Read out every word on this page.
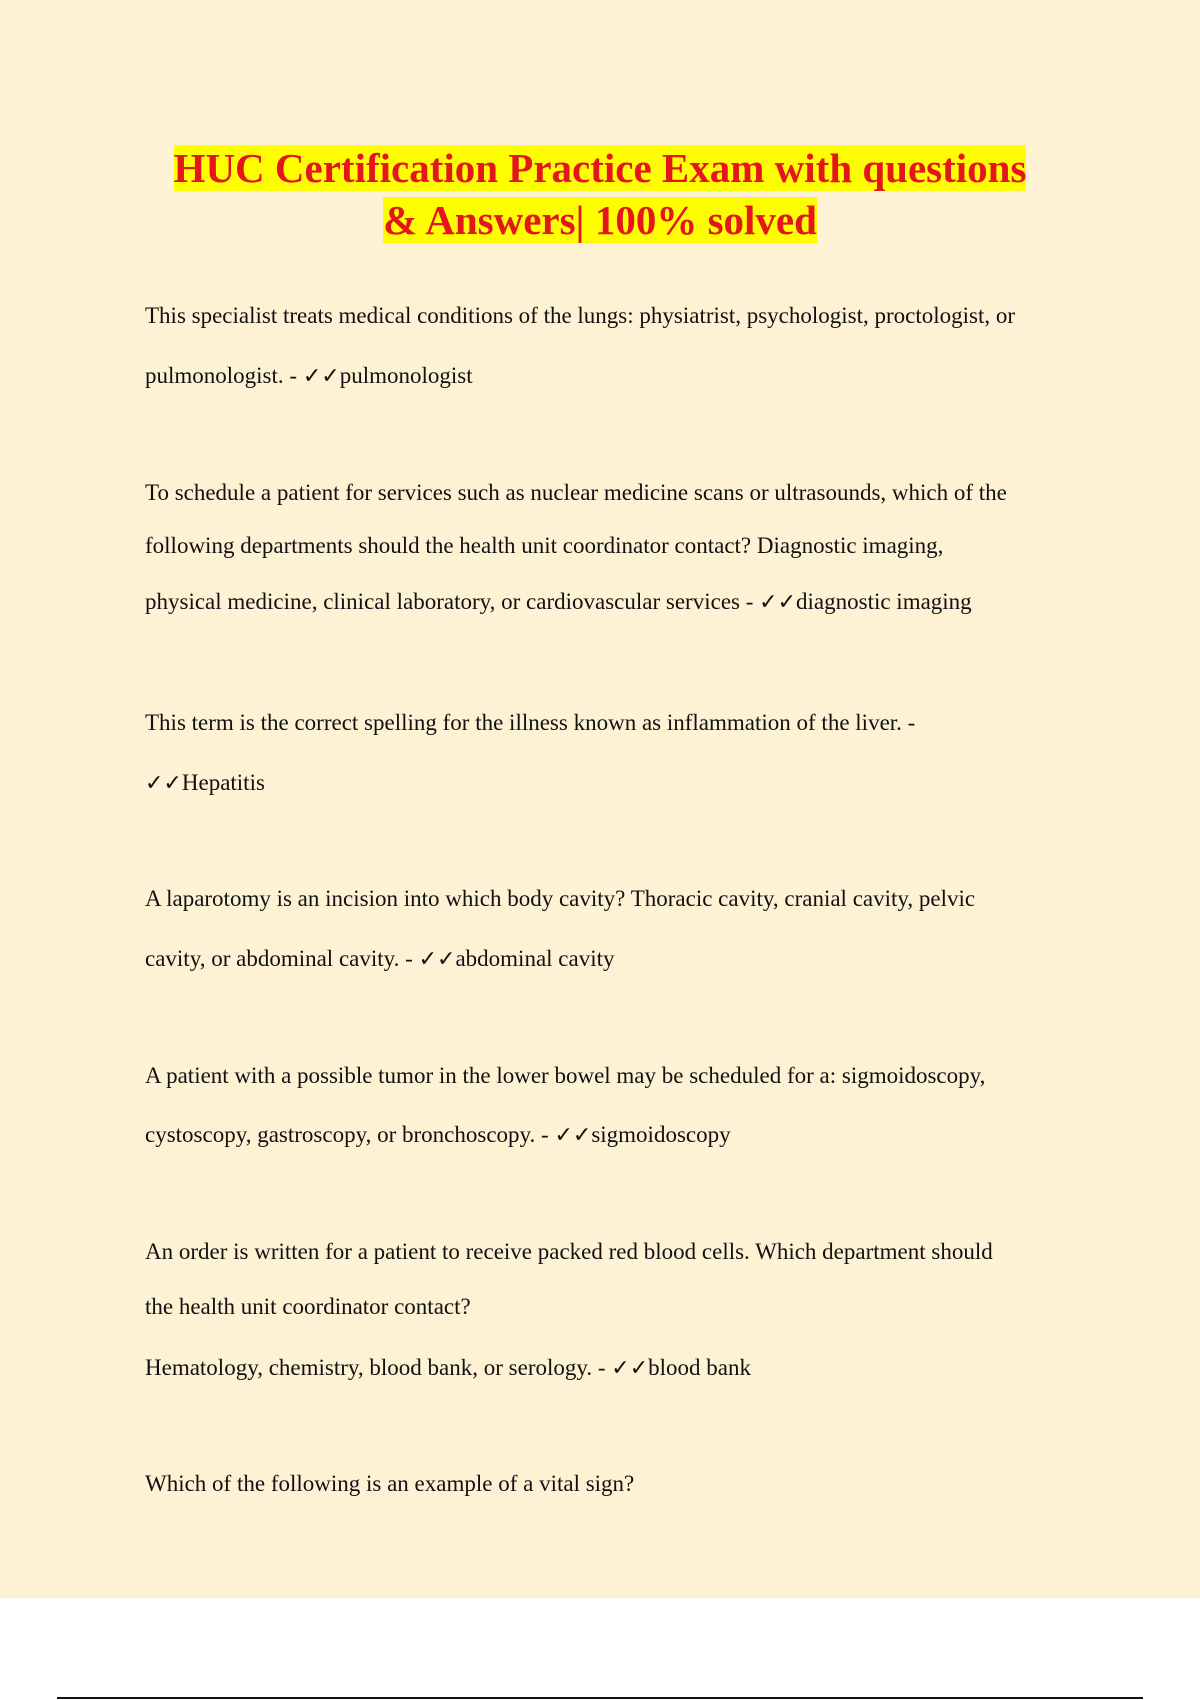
HUC Certification Practice Exam with questions
& Answers| 100% solved

This specialist treats medical conditions of the lungs: physiatrist, psychologist, proctologist, or

pulmonologist. - ✓✓pulmonologist

To schedule a patient for services such as nuclear medicine scans or ultrasounds, which of the

following departments should the health unit coordinator contact? Diagnostic imaging,

physical medicine, clinical laboratory, or cardiovascular services - ✓✓diagnostic imaging

This term is the correct spelling for the illness known as inflammation of the liver. -

✓✓Hepatitis

A laparotomy is an incision into which body cavity? Thoracic cavity, cranial cavity, pelvic

cavity, or abdominal cavity. - ✓✓abdominal cavity

A patient with a possible tumor in the lower bowel may be scheduled for a: sigmoidoscopy,

cystoscopy, gastroscopy, or bronchoscopy. - ✓✓sigmoidoscopy

An order is written for a patient to receive packed red blood cells. Which department should

the health unit coordinator contact?

Hematology, chemistry, blood bank, or serology. - ✓✓blood bank

Which of the following is an example of a vital sign?
